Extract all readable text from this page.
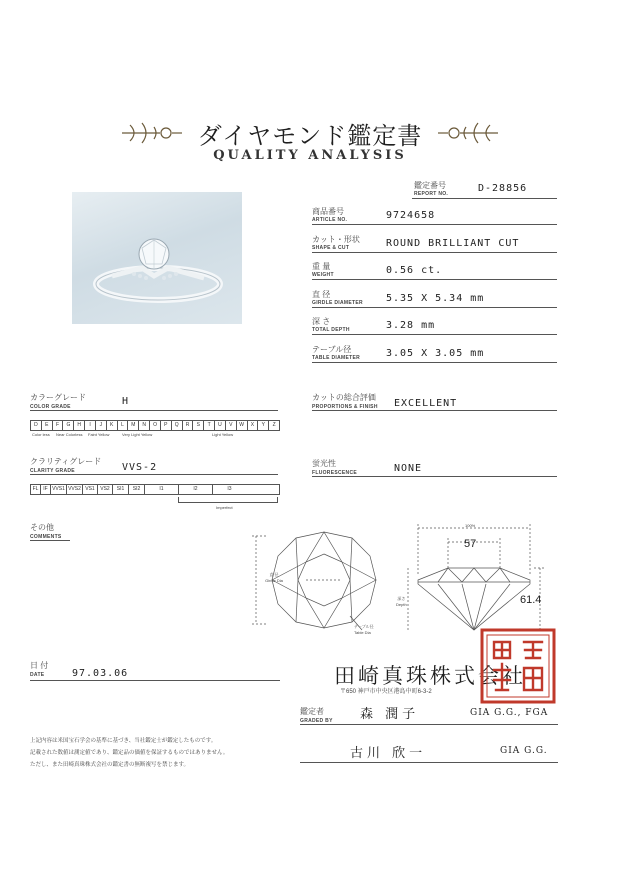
ダイヤモンド鑑定書
QUALITY ANALYSIS
鑑定番号
REPORT NO.	D-28856
商品番号
ARTICLE NO.	9724658
カット・形状
SHAPE & CUT	ROUND BRILLIANT CUT
重 量
WEIGHT	0.56 ct.
直 径
GIRDLE DIAMETER 5.35 X 5.34 mm
深 さ
TOTAL DEPTH	3.28 mm
テーブル径
TABLE DIAMETER	3.05 X 3.05 mm
カラーグレード
COLOR GRADE	H
D	E	F	G	H	I	J	K	L	M	N	O	P	Q	R	S	T	U	V	W	X	Y	Z
Color less Near Colorless Faint Yellow	Very Light Yellow	Light Yellow
カットの総合評価
PROPORTIONS & FINISH EXCELLENT
クラリティグレード
CLARITY GRADE	VVS-2
FL IF VVS1 VVS2 VS1	VS2	SI1	SI2	I1	I2	I3
Imperfect
蛍光性
FLUORESCENCE	NONE
その他
COMMENTS
直 径
Girdle Dia
テーブル径
Table Dia
100%
57
深さ
Depth	61.4
日 付
DATE	97.03.06	田崎真珠株式会社
〒650 神戸市中央区港島中町6-3-2
鑑定者
GRADED BY 森 潤子	GIA G.G., FGA
古川 欣一	GIA G.G.
上記内容は米国宝石学会の基準に基づき、当社鑑定士が鑑定したものです。
記載された数値は測定値であり、鑑定品の価値を保証するものではありません。
ただし、また田崎真珠株式会社の鑑定書の無断複写を禁じます。
